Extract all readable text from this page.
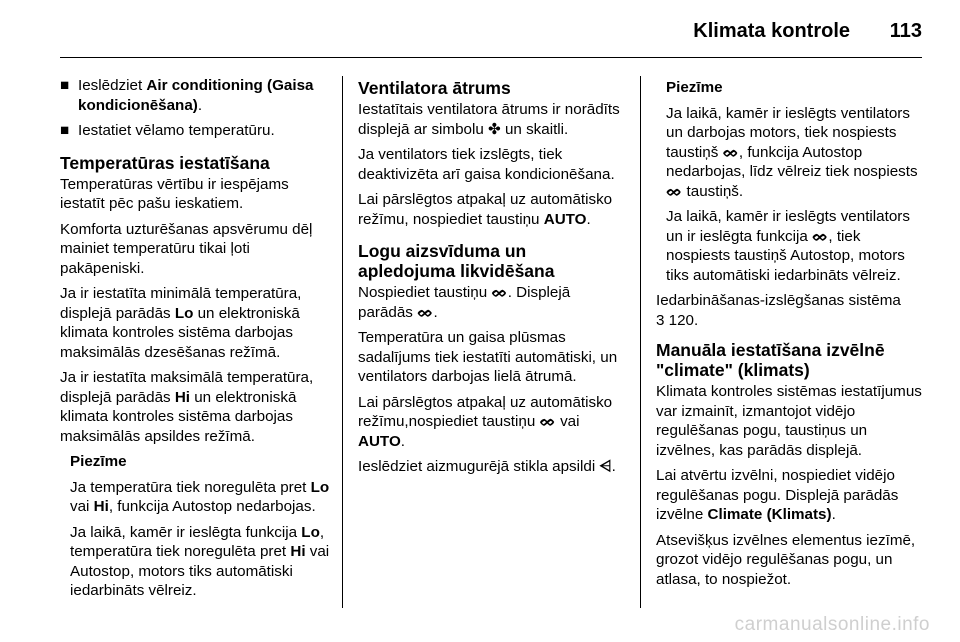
Klimata kontrole 113
■ Ieslēdziet Air conditioning (Gaisa kondicionēšana).
■ Iestatiet vēlamo temperatūru.
Temperatūras iestatīšana

Temperatūras vērtību ir iespējams iestatīt pēc pašu ieskatiem.

Komforta uzturēšanas apsvērumu dēļ mainiet temperatūru tikai ļoti pakāpeniski.

Ja ir iestatīta minimālā temperatūra, displejā parādās Lo un elektroniskā klimata kontroles sistēma darbojas maksimālās dzesēšanas režīmā.

Ja ir iestatīta maksimālā temperatūra, displejā parādās Hi un elektroniskā klimata kontroles sistēma darbojas maksimālās apsildes režīmā.

Piezīme

Ja temperatūra tiek noregulēta pret Lo vai Hi, funkcija Autostop nedarbojas.

Ja laikā, kamēr ir ieslēgta funkcija Lo, temperatūra tiek noregulēta pret Hi vai Autostop, motors tiks automātiski iedarbināts vēlreiz.

Ventilatora ātrums

Iestatītais ventilatora ātrums ir norādīts displejā ar simbolu ✤ un skaitli.

Ja ventilators tiek izslēgts, tiek deaktivizēta arī gaisa kondicionēšana.

Lai pārslēgtos atpakaļ uz automātisko režīmu, nospiediet taustiņu AUTO.

Logu aizsvīduma un apledojuma likvidēšana

Nospiediet taustiņu ᨖ. Displejā parādās ᨖ.

Temperatūra un gaisa plūsmas sadalījums tiek iestatīti automātiski, un ventilators darbojas lielā ātrumā.

Lai pārslēgtos atpakaļ uz automātisko režīmu,nospiediet taustiņu ᨖ vai AUTO.

Ieslēdziet aizmugurējā stikla apsildi ⩤.

Piezīme

Ja laikā, kamēr ir ieslēgts ventilators un darbojas motors, tiek nospiests taustiņš ᨖ, funkcija Autostop nedarbojas, līdz vēlreiz tiek nospiests ᨖ taustiņš.

Ja laikā, kamēr ir ieslēgts ventilators un ir ieslēgta funkcija ᨖ, tiek nospiests taustiņš Autostop, motors tiks automātiski iedarbināts vēlreiz.

Iedarbināšanas-izslēgšanas sistēma
3 120.

Manuāla iestatīšana izvēlnē "climate" (klimats)

Klimata kontroles sistēmas iestatījumus var izmainīt, izmantojot vidējo regulēšanas pogu, taustiņus un izvēlnes, kas parādās displejā.

Lai atvērtu izvēlni, nospiediet vidējo regulēšanas pogu. Displejā parādās izvēlne Climate (Klimats).

Atsevišķus izvēlnes elementus iezīmē, grozot vidējo regulēšanas pogu, un atlasa, to nospiežot.

carmanualsonline.info
